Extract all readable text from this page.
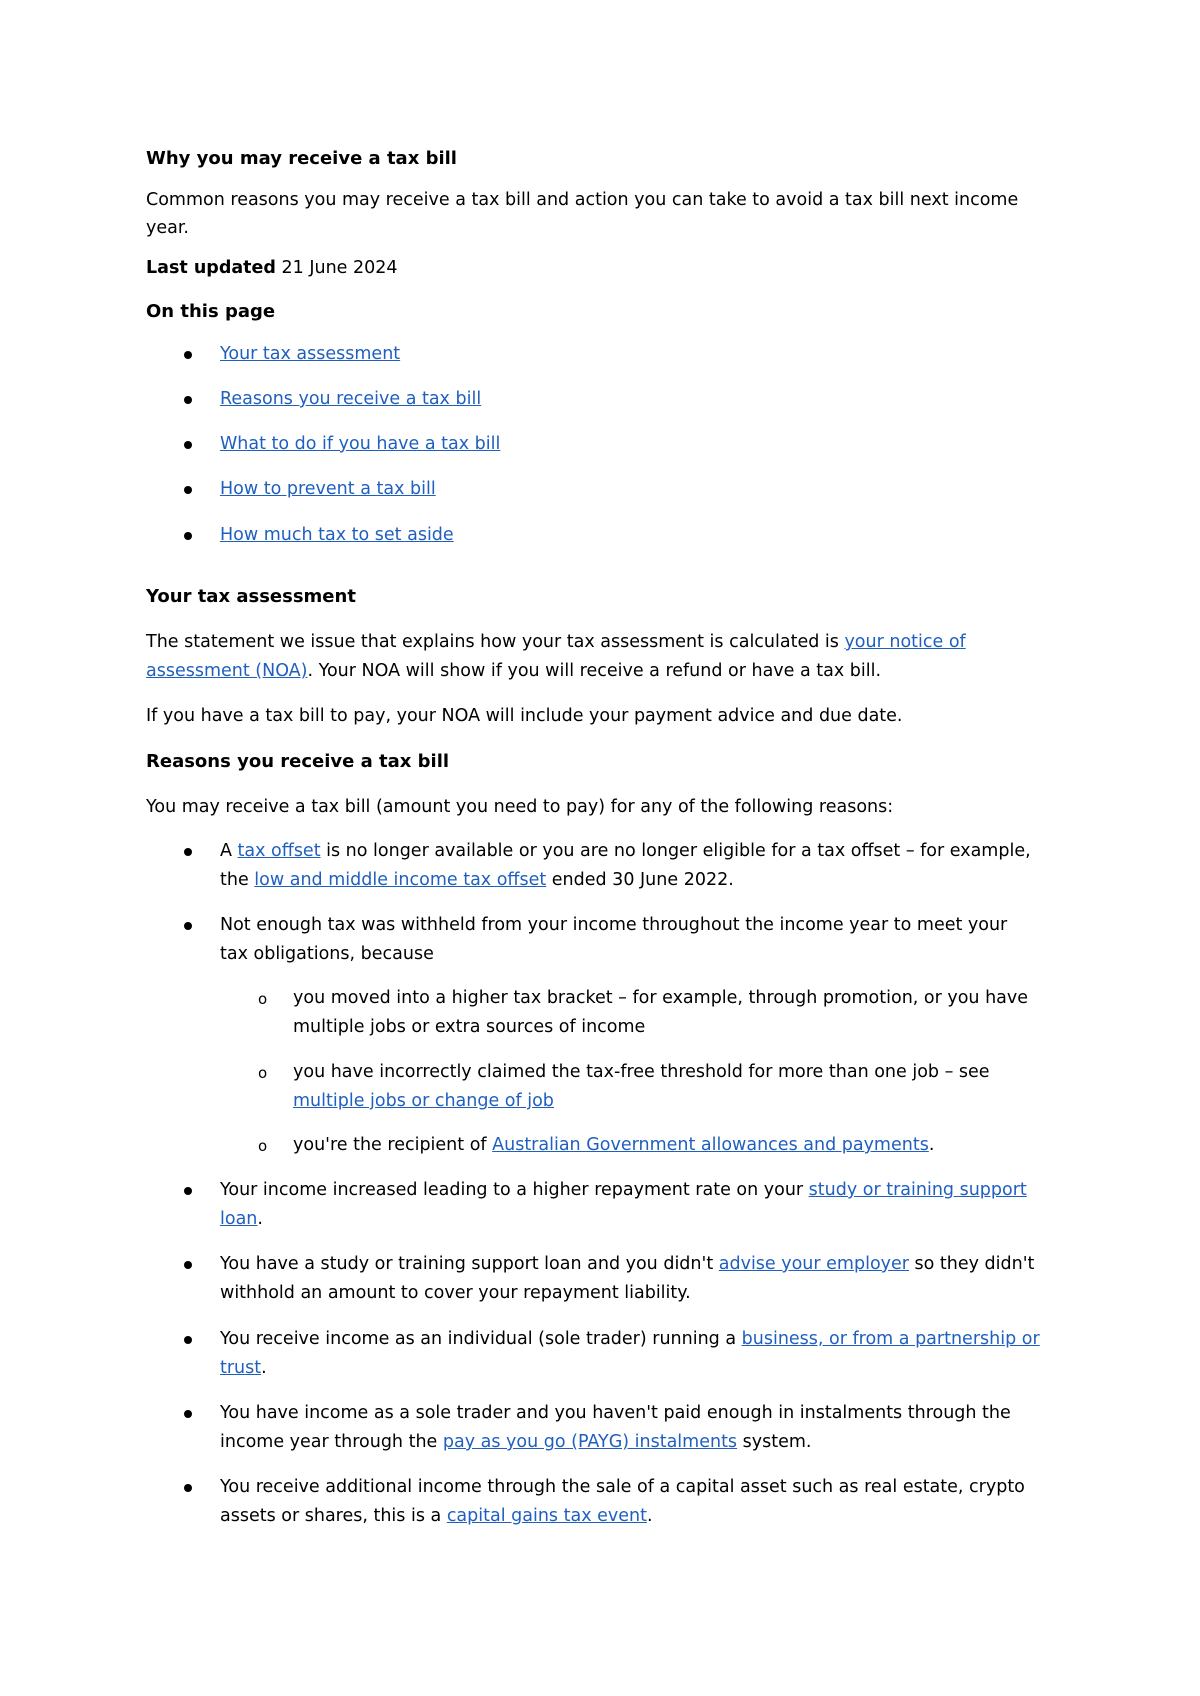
Why you may receive a tax bill
Common reasons you may receive a tax bill and action you can take to avoid a tax bill next income
year.
Last updated 21 June 2024
On this page
Your tax assessment
Reasons you receive a tax bill
What to do if you have a tax bill
How to prevent a tax bill
How much tax to set aside
Your tax assessment
The statement we issue that explains how your tax assessment is calculated is your notice of
assessment (NOA). Your NOA will show if you will receive a refund or have a tax bill.
If you have a tax bill to pay, your NOA will include your payment advice and due date.
Reasons you receive a tax bill
You may receive a tax bill (amount you need to pay) for any of the following reasons:
A tax offset is no longer available or you are no longer eligible for a tax offset – for example,
the low and middle income tax offset ended 30 June 2022.
Not enough tax was withheld from your income throughout the income year to meet your
tax obligations, because
o you moved into a higher tax bracket – for example, through promotion, or you have
multiple jobs or extra sources of income
o you have incorrectly claimed the tax-free threshold for more than one job – see
multiple jobs or change of job
o you're the recipient of Australian Government allowances and payments.
Your income increased leading to a higher repayment rate on your study or training support
loan.
You have a study or training support loan and you didn't advise your employer so they didn't
withhold an amount to cover your repayment liability.
You receive income as an individual (sole trader) running a business, or from a partnership or
trust.
You have income as a sole trader and you haven't paid enough in instalments through the
income year through the pay as you go (PAYG) instalments system.
You receive additional income through the sale of a capital asset such as real estate, crypto
assets or shares, this is a capital gains tax event.
